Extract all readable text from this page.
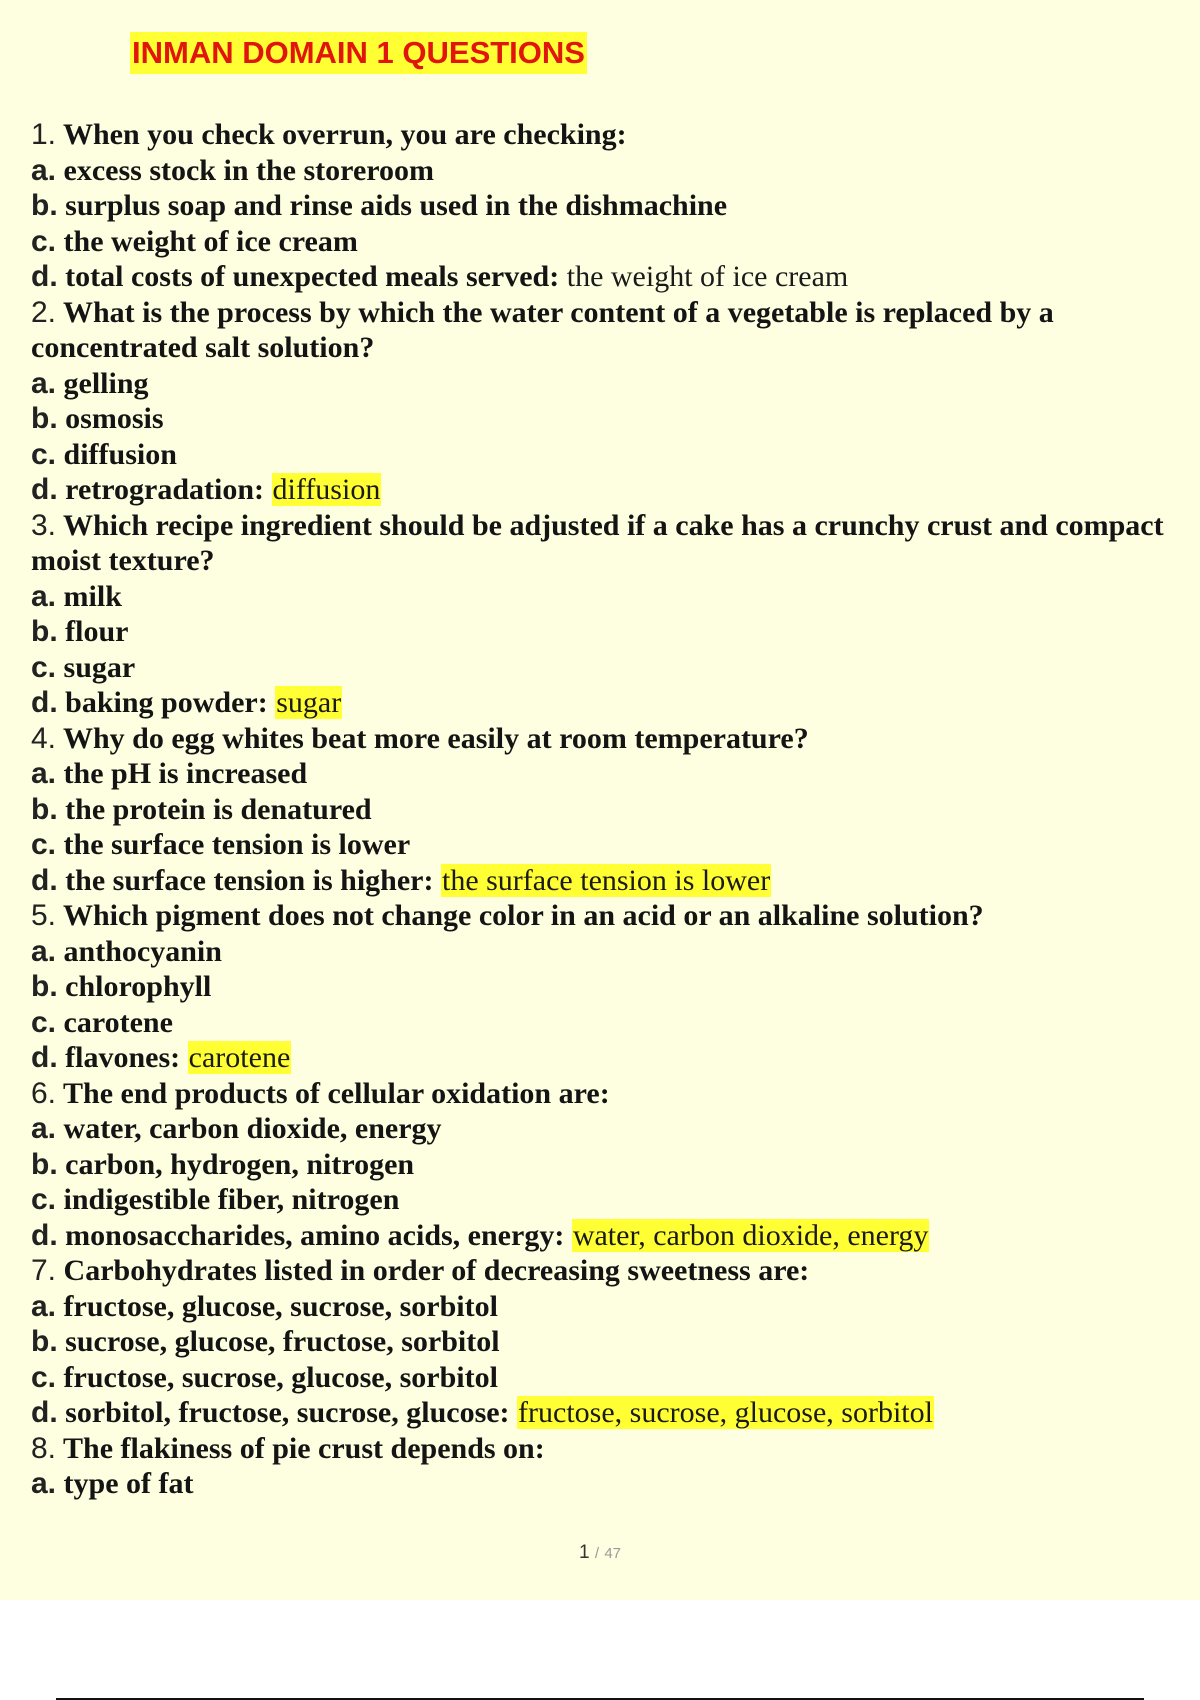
INMAN DOMAIN 1 QUESTIONS
1. When you check overrun, you are checking:
a. excess stock in the storeroom
b. surplus soap and rinse aids used in the dishmachine
c. the weight of ice cream
d. total costs of unexpected meals served: the weight of ice cream
2. What is the process by which the water content of a vegetable is replaced by a concentrated salt solution?
a. gelling
b. osmosis
c. diffusion
d. retrogradation: diffusion
3. Which recipe ingredient should be adjusted if a cake has a crunchy crust and compact moist texture?
a. milk
b. flour
c. sugar
d. baking powder: sugar
4. Why do egg whites beat more easily at room temperature?
a. the pH is increased
b. the protein is denatured
c. the surface tension is lower
d. the surface tension is higher: the surface tension is lower
5. Which pigment does not change color in an acid or an alkaline solution?
a. anthocyanin
b. chlorophyll
c. carotene
d. flavones: carotene
6. The end products of cellular oxidation are:
a. water, carbon dioxide, energy
b. carbon, hydrogen, nitrogen
c. indigestible fiber, nitrogen
d. monosaccharides, amino acids, energy: water, carbon dioxide, energy
7. Carbohydrates listed in order of decreasing sweetness are:
a. fructose, glucose, sucrose, sorbitol
b. sucrose, glucose, fructose, sorbitol
c. fructose, sucrose, glucose, sorbitol
d. sorbitol, fructose, sucrose, glucose: fructose, sucrose, glucose, sorbitol
8. The flakiness of pie crust depends on:
a. type of fat
1 / 47
